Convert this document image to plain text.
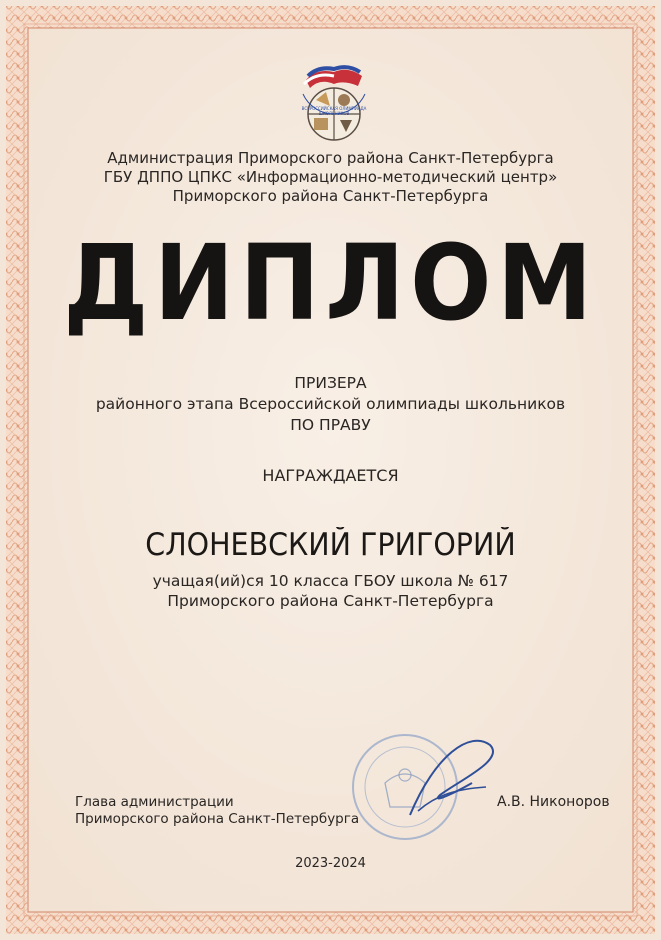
ВСЕРОССИЙСКАЯ ОЛИМПИАДА ШКОЛЬНИКОВ
Администрация Приморского района Санкт-Петербурга
ГБУ ДППО ЦПКС «Информационно-методический центр»
Приморского района Санкт-Петербурга
ДИПЛОМ
ПРИЗЕРА
районного этапа Всероссийской олимпиады школьников
ПО ПРАВУ
НАГРАЖДАЕТСЯ
СЛОНЕВСКИЙ ГРИГОРИЙ
учащая(ий)ся 10 класса ГБОУ школа № 617
Приморского района Санкт-Петербурга
Глава администрации
Приморского района Санкт-Петербурга
А.В. Никоноров
2023-2024
